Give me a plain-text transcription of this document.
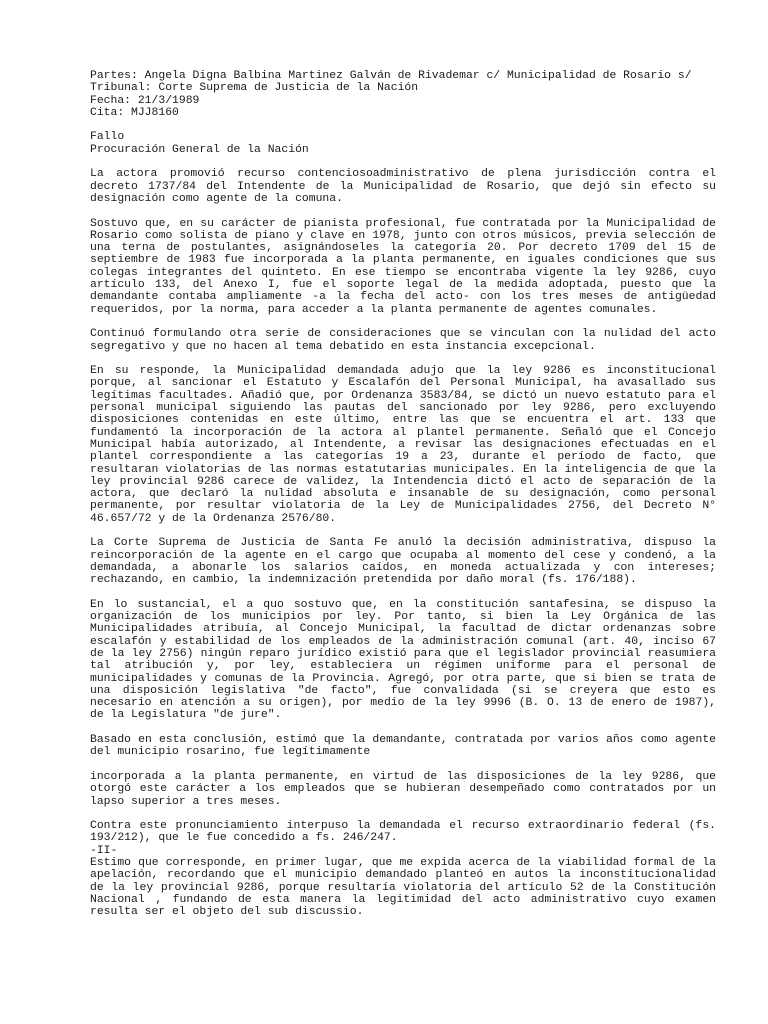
Partes: Angela Digna Balbina Martinez Galván de Rivademar c/ Municipalidad de Rosario s/
Tribunal: Corte Suprema de Justicia de la Nación
Fecha: 21/3/1989
Cita: MJJ8160
Fallo
Procuración General de la Nación
La actora promovió recurso contenciosoadministrativo de plena jurisdicción contra el decreto 1737/84 del Intendente de la Municipalidad de Rosario, que dejó sin efecto su designación como agente de la comuna.
Sostuvo que, en su carácter de pianista profesional, fue contratada por la Municipalidad de Rosario como solista de piano y clave en 1978, junto con otros músicos, previa selección de una terna de postulantes, asignándoseles la categoría 20. Por decreto 1709 del 15 de septiembre de 1983 fue incorporada a la planta permanente, en iguales condiciones que sus colegas integrantes del quinteto. En ese tiempo se encontraba vigente la ley 9286, cuyo artículo 133, del Anexo I, fue el soporte legal de la medida adoptada, puesto que la demandante contaba ampliamente -a la fecha del acto- con los tres meses de antigüedad requeridos, por la norma, para acceder a la planta permanente de agentes comunales.
Continuó formulando otra serie de consideraciones que se vinculan con la nulidad del acto segregativo y que no hacen al tema debatido en esta instancia excepcional.
En su responde, la Municipalidad demandada adujo que la ley 9286 es inconstitucional porque, al sancionar el Estatuto y Escalafón del Personal Municipal, ha avasallado sus legítimas facultades. Añadió que, por Ordenanza 3583/84, se dictó un nuevo estatuto para el personal municipal siguiendo las pautas del sancionado por ley 9286, pero excluyendo disposiciones contenidas en este último, entre las que se encuentra el art. 133 que fundamentó la incorporación de la actora al plantel permanente. Señaló que el Concejo Municipal había autorizado, al Intendente, a revisar las designaciones efectuadas en el plantel correspondiente a las categorías 19 a 23, durante el período de facto, que resultaran violatorias de las normas estatutarias municipales. En la inteligencia de que la ley provincial 9286 carece de validez, la Intendencia dictó el acto de separación de la actora, que declaró la nulidad absoluta e insanable de su designación, como personal permanente, por resultar violatoria de la Ley de Municipalidades 2756, del Decreto N° 46.657/72 y de la Ordenanza 2576/80.
La Corte Suprema de Justicia de Santa Fe anuló la decisión administrativa, dispuso la reincorporación de la agente en el cargo que ocupaba al momento del cese y condenó, a la demandada, a abonarle los salarios caídos, en moneda actualizada y con intereses; rechazando, en cambio, la indemnización pretendida por daño moral (fs. 176/188).
En lo sustancial, el a quo sostuvo que, en la constitución santafesina, se dispuso la organización de los municipios por ley. Por tanto, si bien la Ley Orgánica de las Municipalidades atribuía, al Concejo Municipal, la facultad de dictar ordenanzas sobre escalafón y estabilidad de los empleados de la administración comunal (art. 40, inciso 67 de la ley 2756) ningún reparo jurídico existió para que el legislador provincial reasumiera tal atribución y, por ley, estableciera un régimen uniforme para el personal de municipalidades y comunas de la Provincia. Agregó, por otra parte, que si bien se trata de una disposición legislativa "de facto", fue convalidada (si se creyera que esto es necesario en atención a su origen), por medio de la ley 9996 (B. O. 13 de enero de 1987), de la Legislatura "de jure".
Basado en esta conclusión, estimó que la demandante, contratada por varios años como agente del municipio rosarino, fue legítimamente
incorporada a la planta permanente, en virtud de las disposiciones de la ley 9286, que otorgó este carácter a los empleados que se hubieran desempeñado como contratados por un lapso superior a tres meses.
Contra este pronunciamiento interpuso la demandada el recurso extraordinario federal (fs. 193/212), que le fue concedido a fs. 246/247.
-II-
Estimo que corresponde, en primer lugar, que me expida acerca de la viabilidad formal de la apelación, recordando que el municipio demandado planteó en autos la inconstitucionalidad de la ley provincial 9286, porque resultaría violatoria del artículo 52 de la Constitución Nacional , fundando de esta manera la legitimidad del acto administrativo cuyo examen resulta ser el objeto del sub discussio.
